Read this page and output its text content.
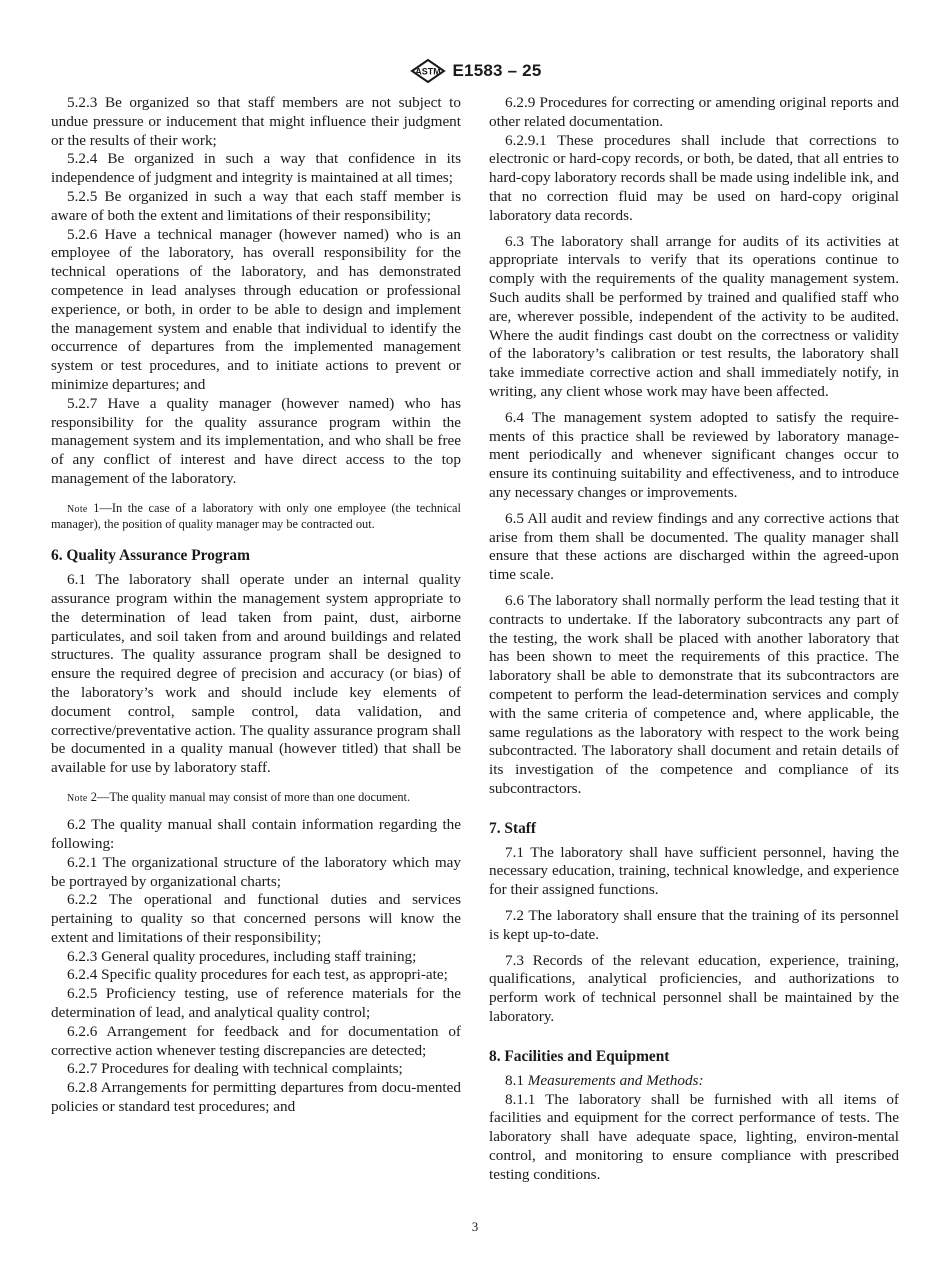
ASTM E1583 – 25

5.2.3 Be organized so that staff members are not subject to undue pressure or inducement that might influence their judgment or the results of their work;

5.2.4 Be organized in such a way that confidence in its independence of judgment and integrity is maintained at all times;

5.2.5 Be organized in such a way that each staff member is aware of both the extent and limitations of their responsibility;

5.2.6 Have a technical manager (however named) who is an employee of the laboratory, has overall responsibility for the technical operations of the laboratory, and has demonstrated competence in lead analyses through education or professional experience, or both, in order to be able to design and implement the management system and enable that individual to identify the occurrence of departures from the implemented management system or test procedures, and to initiate actions to prevent or minimize departures; and

5.2.7 Have a quality manager (however named) who has responsibility for the quality assurance program within the management system and its implementation, and who shall be free of any conflict of interest and have direct access to the top management of the laboratory.

Note 1—In the case of a laboratory with only one employee (the technical manager), the position of quality manager may be contracted out.

6. Quality Assurance Program

6.1 The laboratory shall operate under an internal quality assurance program within the management system appropriate to the determination of lead taken from paint, dust, airborne particulates, and soil taken from and around buildings and related structures. The quality assurance program shall be designed to ensure the required degree of precision and accuracy (or bias) of the laboratory’s work and should include key elements of document control, sample control, data validation, and corrective/preventative action. The quality assurance program shall be documented in a quality manual (however titled) that shall be available for use by laboratory staff.

Note 2—The quality manual may consist of more than one document.

6.2 The quality manual shall contain information regarding the following:

6.2.1 The organizational structure of the laboratory which may be portrayed by organizational charts;

6.2.2 The operational and functional duties and services pertaining to quality so that concerned persons will know the extent and limitations of their responsibility;

6.2.3 General quality procedures, including staff training;

6.2.4 Specific quality procedures for each test, as appropri-ate;

6.2.5 Proficiency testing, use of reference materials for the determination of lead, and analytical quality control;

6.2.6 Arrangement for feedback and for documentation of corrective action whenever testing discrepancies are detected;

6.2.7 Procedures for dealing with technical complaints;

6.2.8 Arrangements for permitting departures from docu-mented policies or standard test procedures; and

6.2.9 Procedures for correcting or amending original reports and other related documentation.

6.2.9.1 These procedures shall include that corrections to electronic or hard-copy records, or both, be dated, that all entries to hard-copy laboratory records shall be made using indelible ink, and that no correction fluid may be used on hard-copy original laboratory data records.

6.3 The laboratory shall arrange for audits of its activities at appropriate intervals to verify that its operations continue to comply with the requirements of the quality management system. Such audits shall be performed by trained and qualified staff who are, wherever possible, independent of the activity to be audited. Where the audit findings cast doubt on the correctness or validity of the laboratory’s calibration or test results, the laboratory shall take immediate corrective action and shall immediately notify, in writing, any client whose work may have been affected.

6.4 The management system adopted to satisfy the require-ments of this practice shall be reviewed by laboratory manage-ment periodically and whenever significant changes occur to ensure its continuing suitability and effectiveness, and to introduce any necessary changes or improvements.

6.5 All audit and review findings and any corrective actions that arise from them shall be documented. The quality manager shall ensure that these actions are discharged within the agreed-upon time scale.

6.6 The laboratory shall normally perform the lead testing that it contracts to undertake. If the laboratory subcontracts any part of the testing, the work shall be placed with another laboratory that has been shown to meet the requirements of this practice. The laboratory shall be able to demonstrate that its subcontractors are competent to perform the lead-determination services and comply with the same criteria of competence and, where applicable, the same regulations as the laboratory with respect to the work being subcontracted. The laboratory shall document and retain details of its investigation of the competence and compliance of its subcontractors.

7. Staff

7.1 The laboratory shall have sufficient personnel, having the necessary education, training, technical knowledge, and experience for their assigned functions.

7.2 The laboratory shall ensure that the training of its personnel is kept up-to-date.

7.3 Records of the relevant education, experience, training, qualifications, analytical proficiencies, and authorizations to perform work of technical personnel shall be maintained by the laboratory.

8. Facilities and Equipment

8.1 Measurements and Methods:

8.1.1 The laboratory shall be furnished with all items of facilities and equipment for the correct performance of tests. The laboratory shall have adequate space, lighting, environ-mental control, and monitoring to ensure compliance with prescribed testing conditions.

3
